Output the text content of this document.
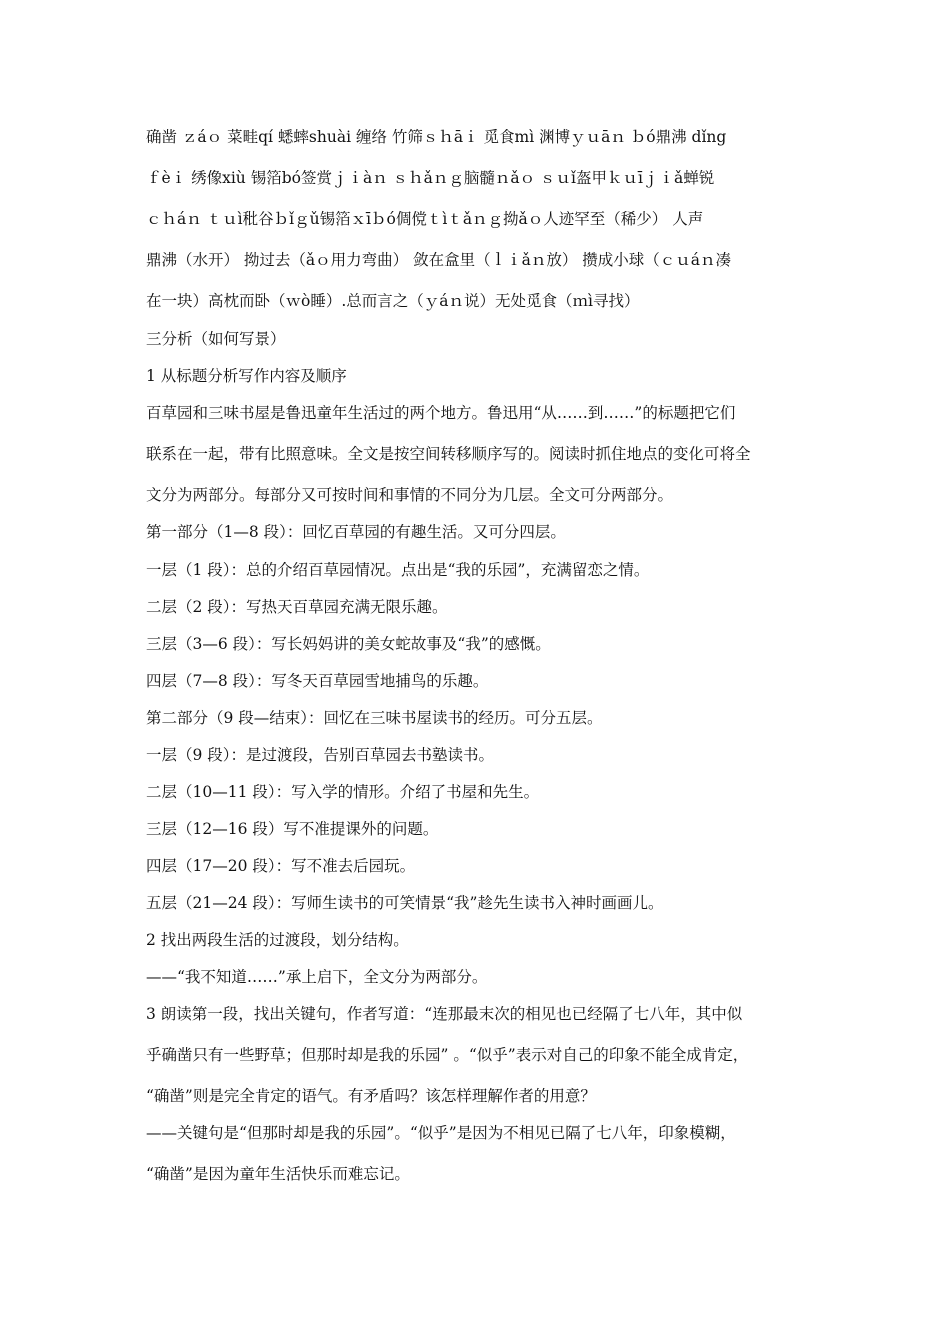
确凿 ｚáｏ 菜畦qí 蟋蟀shuài 缠络 竹筛ｓｈāｉ 觅食mì 渊博ｙｕāｎ ｂó鼎沸 dǐng
ｆèｉ 绣像xiù 锡箔bó签赏ｊｉàｎ ｓｈǎｎｇ脑髓ｎǎｏ ｓｕǐ盔甲ｋｕīｊｉǎ蝉锐
ｃｈáｎ ｔｕì秕谷ｂǐｇǔ锡箔ｘīｂó倜傥ｔìｔǎｎｇ拗ǎｏ人迹罕至（稀少） 人声
鼎沸（水开） 拗过去（ǎｏ用力弯曲） 敛在盒里（ｌｉǎｎ放） 攒成小球（ｃｕáｎ凑
在一块）高枕而卧（ｗò睡）.总而言之（ｙáｎ说）无处觅食（ｍì寻找）
三分析（如何写景）
1 从标题分析写作内容及顺序
百草园和三味书屋是鲁迅童年生活过的两个地方。鲁迅用“从……到……”的标题把它们
联系在一起，带有比照意味。全文是按空间转移顺序写的。阅读时抓住地点的变化可将全
文分为两部分。每部分又可按时间和事情的不同分为几层。全文可分两部分。
第一部分（1—8 段）：回忆百草园的有趣生活。又可分四层。
一层（1 段）：总的介绍百草园情况。点出是“我的乐园”，充满留恋之情。
二层（2 段）：写热天百草园充满无限乐趣。
三层（3—6 段）：写长妈妈讲的美女蛇故事及“我”的感慨。
四层（7—8 段）：写冬天百草园雪地捕鸟的乐趣。
第二部分（9 段—结束）：回忆在三味书屋读书的经历。可分五层。
一层（9 段）：是过渡段，告别百草园去书塾读书。
二层（10—11 段）：写入学的情形。介绍了书屋和先生。
三层（12—16 段）写不准提课外的问题。
四层（17—20 段）：写不准去后园玩。
五层（21—24 段）：写师生读书的可笑情景“我”趁先生读书入神时画画儿。
2 找出两段生活的过渡段，划分结构。
——“我不知道……”承上启下，全文分为两部分。
3 朗读第一段，找出关键句，作者写道：“连那最末次的相见也已经隔了七八年，其中似
乎确凿只有一些野草；但那时却是我的乐园” 。“似乎”表示对自己的印象不能全成肯定，
“确凿”则是完全肯定的语气。有矛盾吗？该怎样理解作者的用意？
——关键句是“但那时却是我的乐园”。“似乎”是因为不相见已隔了七八年，印象模糊，
“确凿”是因为童年生活快乐而难忘记。
